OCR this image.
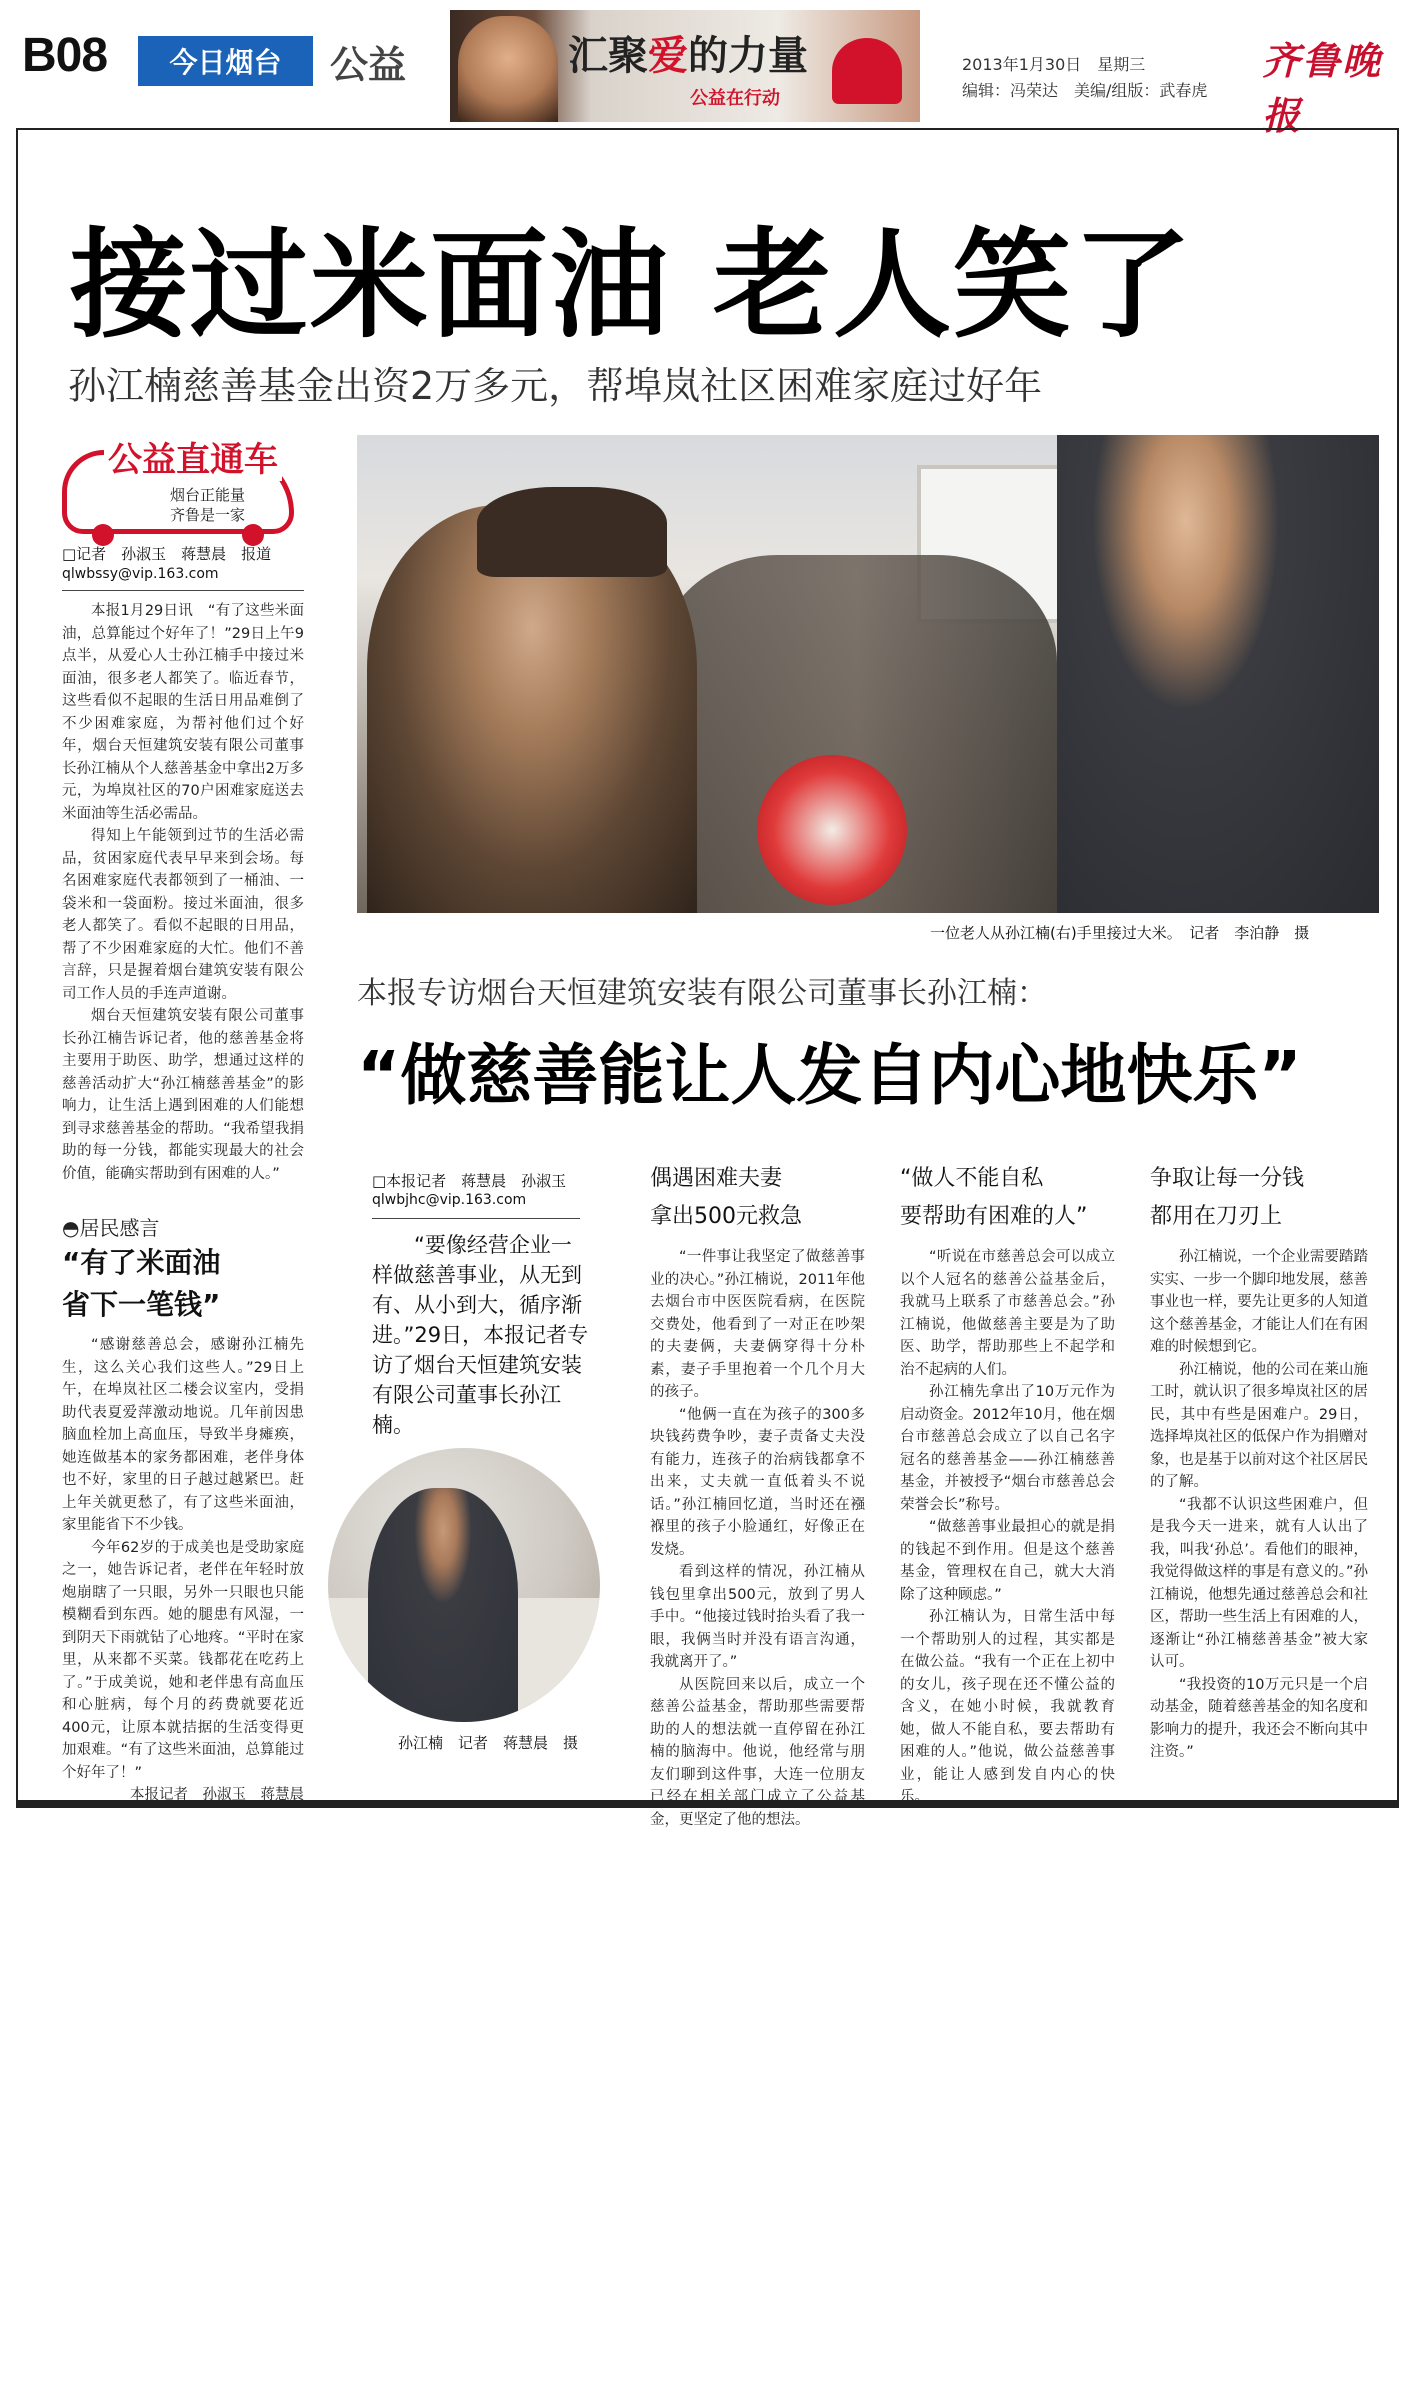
B08	今日烟台	公益	汇聚爱的力量
公益在行动
2013年1月30日　星期三
编辑：冯荣达　美编/组版：武春虎
齐鲁晚报
接过米面油 老人笑了
孙江楠慈善基金出资2万多元，帮埠岚社区困难家庭过好年
公益直通车
烟台正能量
齐鲁是一家
□记者　孙淑玉　蒋慧晨　报道
qlwbssy@vip.163.com

本报1月29日讯　“有了这些米面油，总算能过个好年了！”29日上午9点半，从爱心人士孙江楠手中接过米面油，很多老人都笑了。临近春节，这些看似不起眼的生活日用品难倒了不少困难家庭，为帮衬他们过个好年，烟台天恒建筑安装有限公司董事长孙江楠从个人慈善基金中拿出2万多元，为埠岚社区的70户困难家庭送去米面油等生活必需品。

得知上午能领到过节的生活必需品，贫困家庭代表早早来到会场。每名困难家庭代表都领到了一桶油、一袋米和一袋面粉。接过米面油，很多老人都笑了。看似不起眼的日用品，帮了不少困难家庭的大忙。他们不善言辞，只是握着烟台建筑安装有限公司工作人员的手连声道谢。

烟台天恒建筑安装有限公司董事长孙江楠告诉记者，他的慈善基金将主要用于助医、助学，想通过这样的慈善活动扩大“孙江楠慈善基金”的影响力，让生活上遇到困难的人们能想到寻求慈善基金的帮助。“我希望我捐助的每一分钱，都能实现最大的社会价值，能确实帮助到有困难的人。”

◓居民感言
“有了米面油省下一笔钱”

“感谢慈善总会，感谢孙江楠先生，这么关心我们这些人。”29日上午，在埠岚社区二楼会议室内，受捐助代表夏爱萍激动地说。几年前因患脑血栓加上高血压，导致半身瘫痪，她连做基本的家务都困难，老伴身体也不好，家里的日子越过越紧巴。赶上年关就更愁了，有了这些米面油，家里能省下不少钱。

今年62岁的于成美也是受助家庭之一，她告诉记者，老伴在年轻时放炮崩瞎了一只眼，另外一只眼也只能模糊看到东西。她的腿患有风湿，一到阴天下雨就钻了心地疼。“平时在家里，从来都不买菜。钱都花在吃药上了。”于成美说，她和老伴患有高血压和心脏病，每个月的药费就要花近400元，让原本就拮据的生活变得更加艰难。“有了这些米面油，总算能过个好年了！”

本报记者　孙淑玉　蒋慧晨

一位老人从孙江楠(右)手里接过大米。　记者　李泊静　摄
本报专访烟台天恒建筑安装有限公司董事长孙江楠：
“做慈善能让人发自内心地快乐”
□本报记者　蒋慧晨　孙淑玉
qlwbjhc@vip.163.com
“要像经营企业一样做慈善事业，从无到有、从小到大，循序渐进。”29日，本报记者专访了烟台天恒建筑安装有限公司董事长孙江楠。
孙江楠　记者　蒋慧晨　摄
偶遇困难夫妻
拿出500元救急

“一件事让我坚定了做慈善事业的决心。”孙江楠说，2011年他去烟台市中医医院看病，在医院交费处，他看到了一对正在吵架的夫妻俩，夫妻俩穿得十分朴素，妻子手里抱着一个几个月大的孩子。

“他俩一直在为孩子的300多块钱药费争吵，妻子责备丈夫没有能力，连孩子的治病钱都拿不出来，丈夫就一直低着头不说话。”孙江楠回忆道，当时还在襁褓里的孩子小脸通红，好像正在发烧。

看到这样的情况，孙江楠从钱包里拿出500元，放到了男人手中。“他接过钱时抬头看了我一眼，我俩当时并没有语言沟通，我就离开了。”

从医院回来以后，成立一个慈善公益基金，帮助那些需要帮助的人的想法就一直停留在孙江楠的脑海中。他说，他经常与朋友们聊到这件事，大连一位朋友已经在相关部门成立了公益基金，更坚定了他的想法。

“做人不能自私
要帮助有困难的人”

“听说在市慈善总会可以成立以个人冠名的慈善公益基金后，我就马上联系了市慈善总会。”孙江楠说，他做慈善主要是为了助医、助学，帮助那些上不起学和治不起病的人们。

孙江楠先拿出了10万元作为启动资金。2012年10月，他在烟台市慈善总会成立了以自己名字冠名的慈善基金——孙江楠慈善基金，并被授予“烟台市慈善总会荣誉会长”称号。

“做慈善事业最担心的就是捐的钱起不到作用。但是这个慈善基金，管理权在自己，就大大消除了这种顾虑。”

孙江楠认为，日常生活中每一个帮助别人的过程，其实都是在做公益。“我有一个正在上初中的女儿，孩子现在还不懂公益的含义，在她小时候，我就教育她，做人不能自私，要去帮助有困难的人。”他说，做公益慈善事业，能让人感到发自内心的快乐。

争取让每一分钱
都用在刀刃上

孙江楠说，一个企业需要踏踏实实、一步一个脚印地发展，慈善事业也一样，要先让更多的人知道这个慈善基金，才能让人们在有困难的时候想到它。

孙江楠说，他的公司在莱山施工时，就认识了很多埠岚社区的居民，其中有些是困难户。29日，选择埠岚社区的低保户作为捐赠对象，也是基于以前对这个社区居民的了解。

“我都不认识这些困难户，但是我今天一进来，就有人认出了我，叫我‘孙总’。看他们的眼神，我觉得做这样的事是有意义的。”孙江楠说，他想先通过慈善总会和社区，帮助一些生活上有困难的人，逐渐让“孙江楠慈善基金”被大家认可。

“我投资的10万元只是一个启动基金，随着慈善基金的知名度和影响力的提升，我还会不断向其中注资。”
